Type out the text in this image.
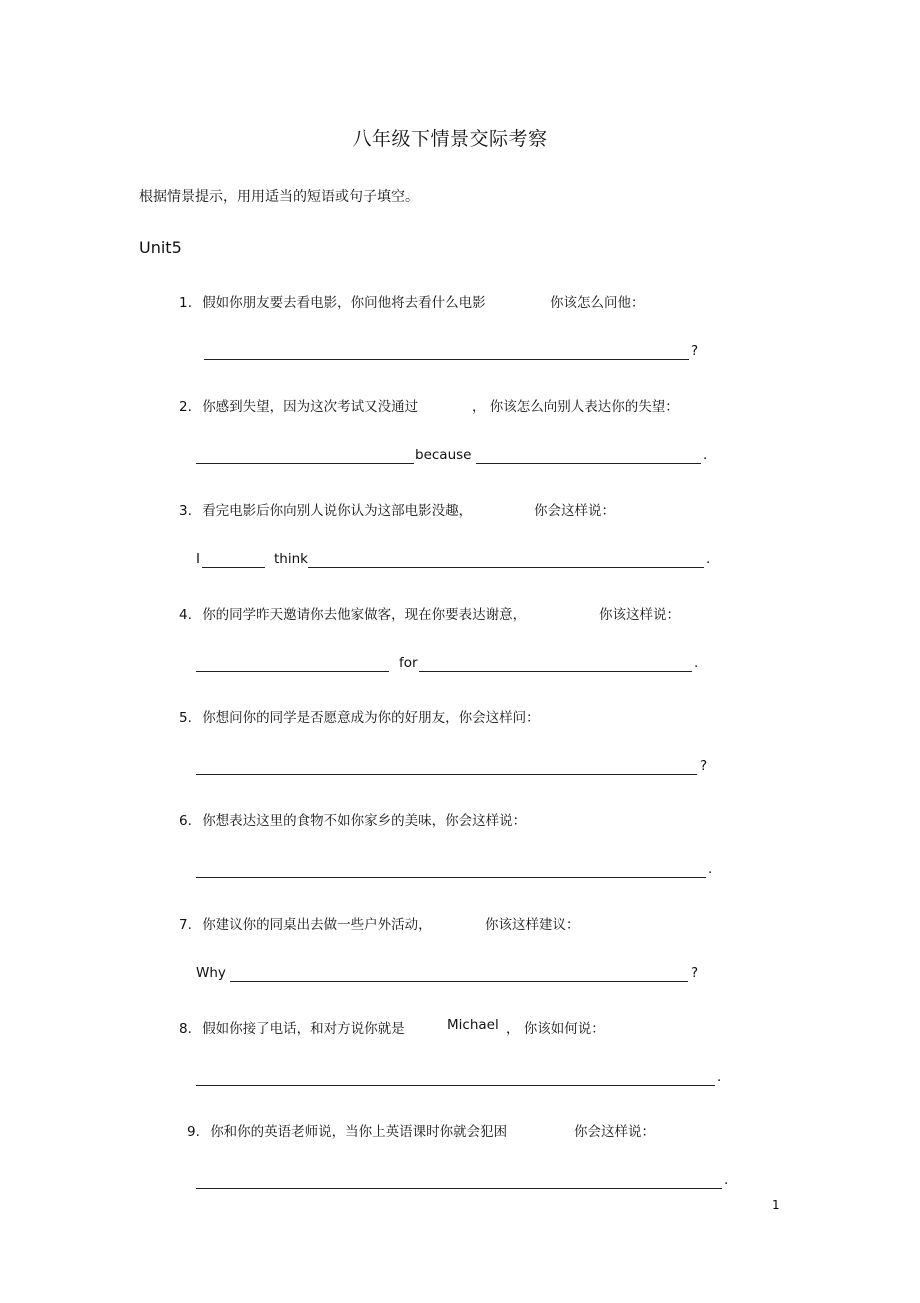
八年级下情景交际考察
根据情景提示，用用适当的短语或句子填空。
Unit5
1. 假如你朋友要去看电影，你问他将去看什么电影	你该怎么问他：
?
2. 你感到失望，因为这次考试又没通过	， 你该怎么向别人表达你的失望：
because	.
3. 看完电影后你向别人说你认为这部电影没趣，	你会这样说：
I	think	.
4. 你的同学昨天邀请你去他家做客，现在你要表达谢意，	你该这样说：
for	.
5. 你想问你的同学是否愿意成为你的好朋友，你会这样问：
?
6. 你想表达这里的食物不如你家乡的美味，你会这样说：
.
7. 你建议你的同桌出去做一些户外活动，	你该这样建议：
Why	?
8. 假如你接了电话，和对方说你就是	Michael ， 你该如何说：
.
9. 你和你的英语老师说，当你上英语课时你就会犯困	你会这样说：
.
1
